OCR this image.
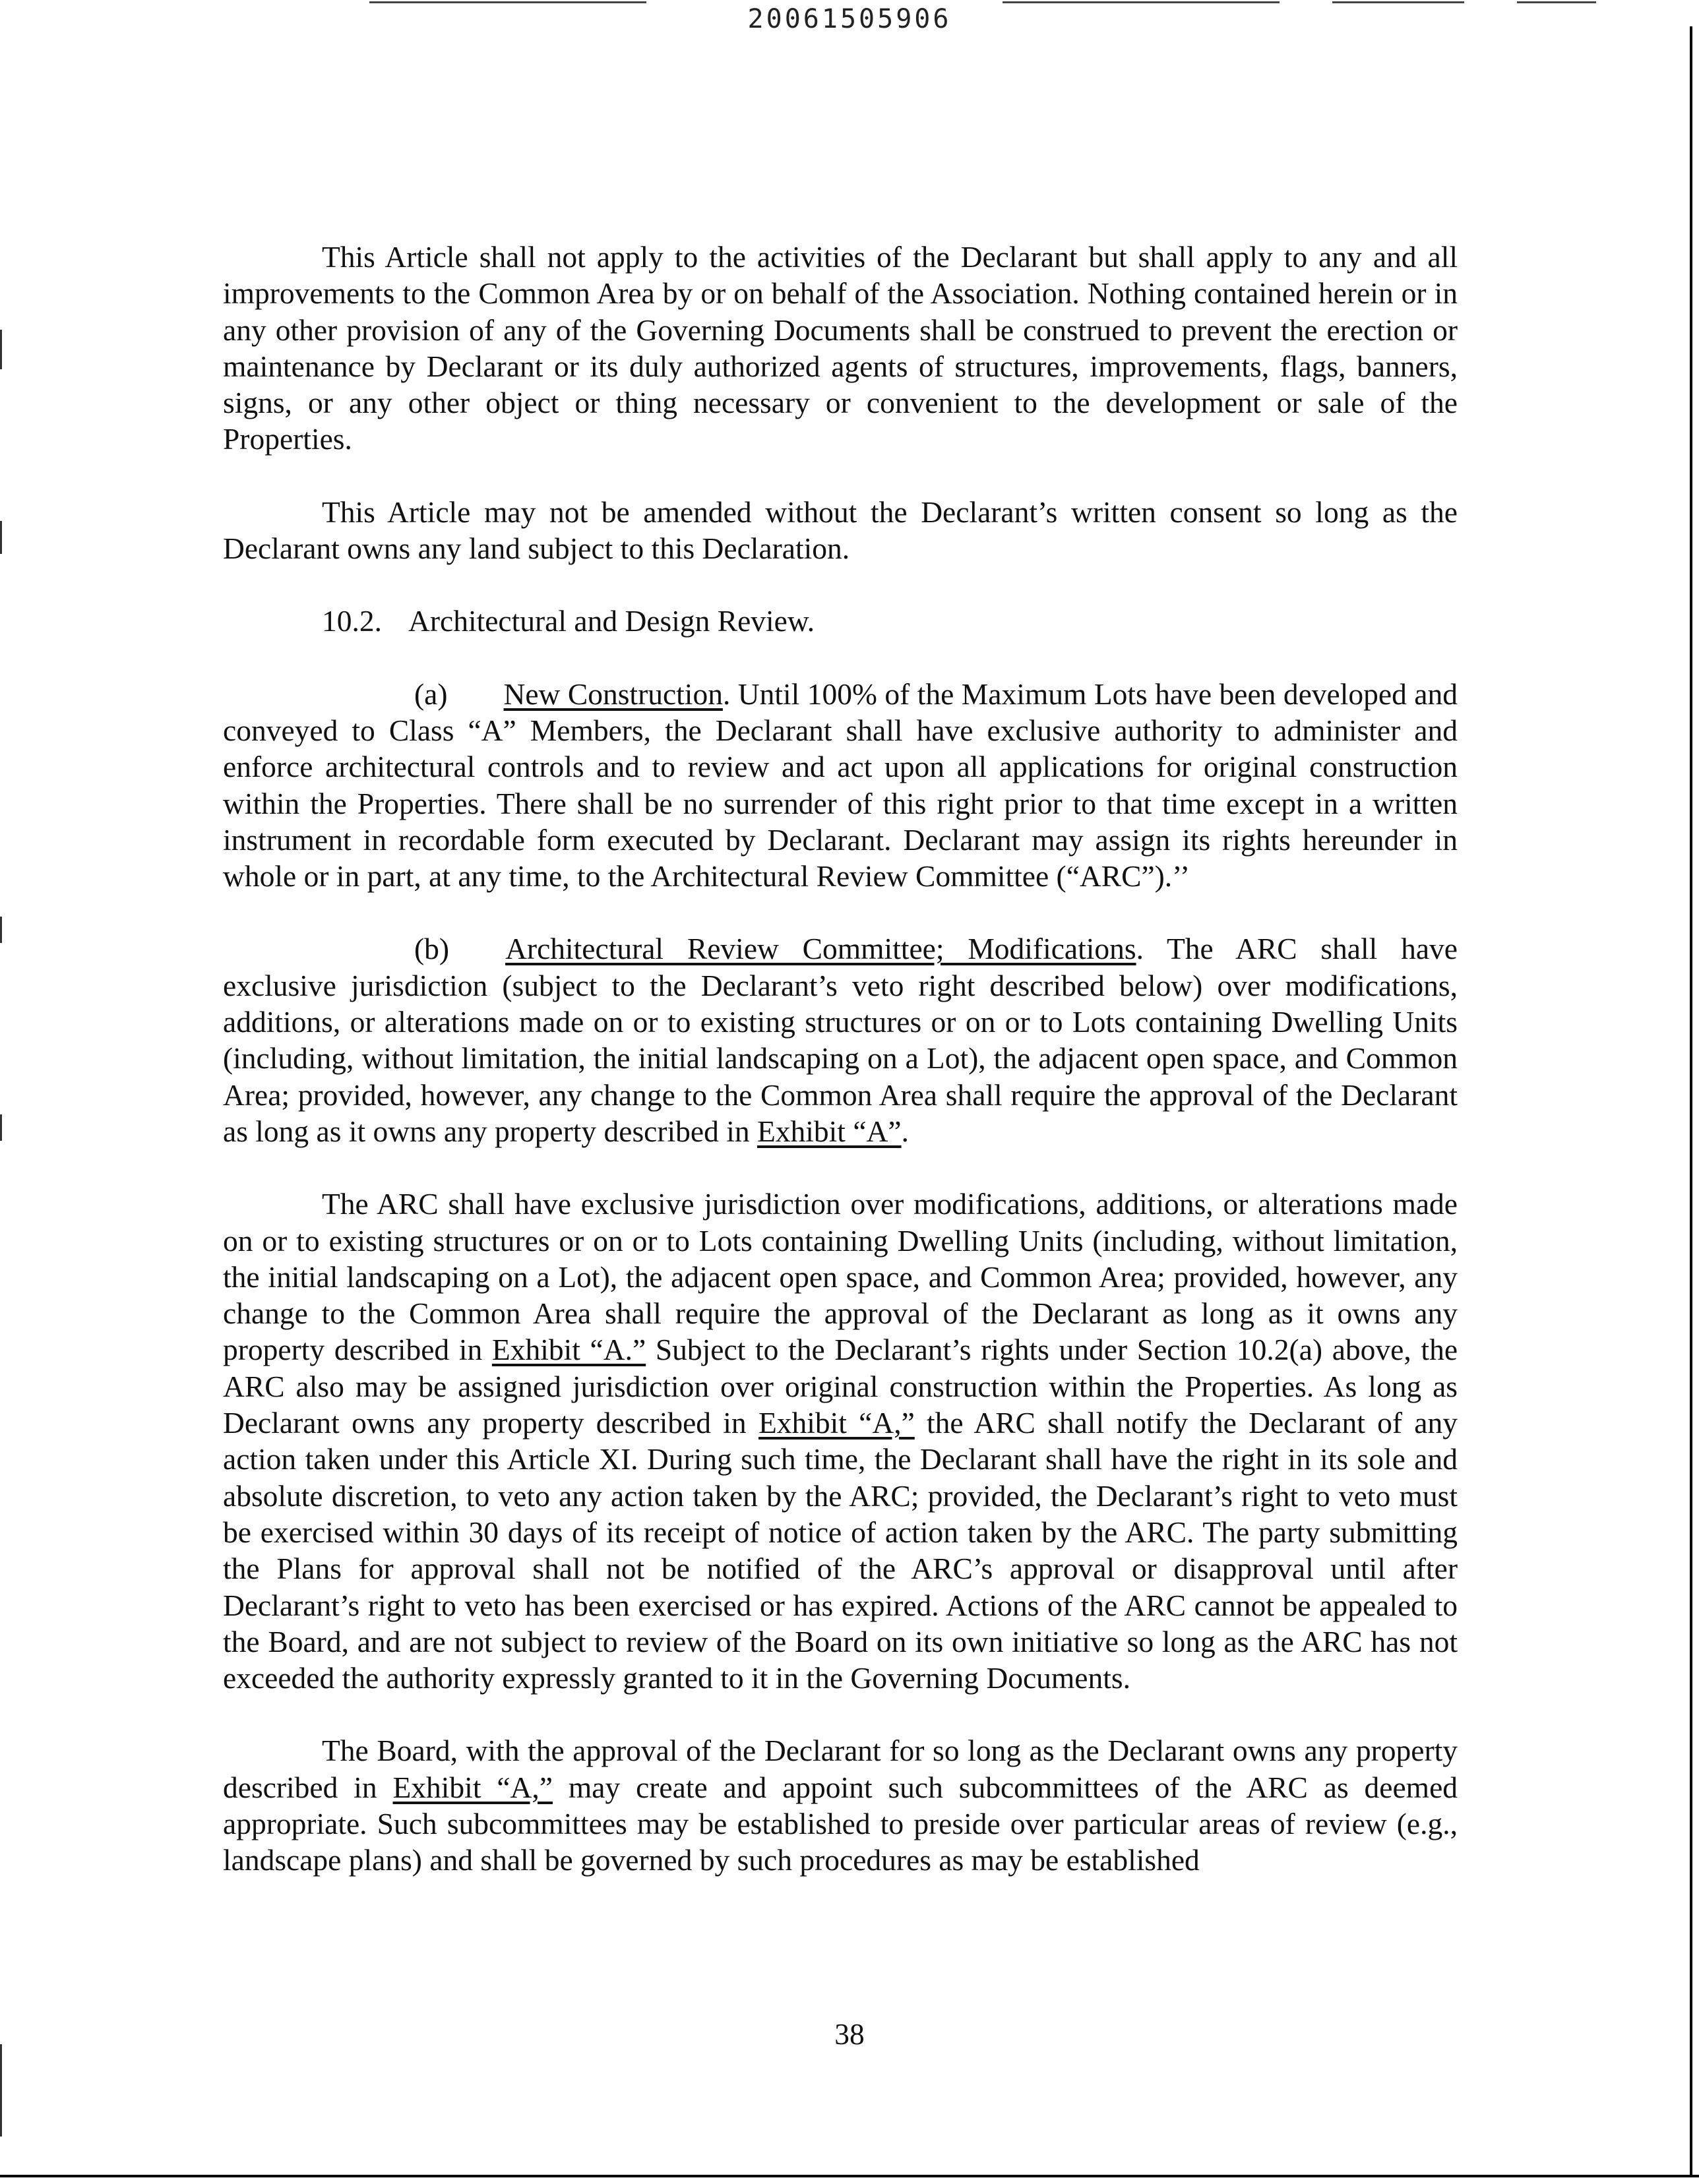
20061505906

This Article shall not apply to the activities of the Declarant but shall apply to any and all improvements to the Common Area by or on behalf of the Association. Nothing contained herein or in any other provision of any of the Governing Documents shall be construed to prevent the erection or maintenance by Declarant or its duly authorized agents of structures, improvements, flags, banners, signs, or any other object or thing necessary or convenient to the development or sale of the Properties.

This Article may not be amended without the Declarant’s written consent so long as the Declarant owns any land subject to this Declaration.

10.2. Architectural and Design Review.

(a) New Construction. Until 100% of the Maximum Lots have been developed and conveyed to Class “A” Members, the Declarant shall have exclusive authority to administer and enforce architectural controls and to review and act upon all applications for original construction within the Properties. There shall be no surrender of this right prior to that time except in a written instrument in recordable form executed by Declarant. Declarant may assign its rights hereunder in whole or in part, at any time, to the Architectural Review Committee (“ARC”).’’

(b) Architectural Review Committee; Modifications. The ARC shall have exclusive jurisdiction (subject to the Declarant’s veto right described below) over modifications, additions, or alterations made on or to existing structures or on or to Lots containing Dwelling Units (including, without limitation, the initial landscaping on a Lot), the adjacent open space, and Common Area; provided, however, any change to the Common Area shall require the approval of the Declarant as long as it owns any property described in Exhibit “A”.

The ARC shall have exclusive jurisdiction over modifications, additions, or alterations made on or to existing structures or on or to Lots containing Dwelling Units (including, without limitation, the initial landscaping on a Lot), the adjacent open space, and Common Area; provided, however, any change to the Common Area shall require the approval of the Declarant as long as it owns any property described in Exhibit “A.” Subject to the Declarant’s rights under Section 10.2(a) above, the ARC also may be assigned jurisdiction over original construction within the Properties. As long as Declarant owns any property described in Exhibit “A,” the ARC shall notify the Declarant of any action taken under this Article XI. During such time, the Declarant shall have the right in its sole and absolute discretion, to veto any action taken by the ARC; provided, the Declarant’s right to veto must be exercised within 30 days of its receipt of notice of action taken by the ARC. The party submitting the Plans for approval shall not be notified of the ARC’s approval or disapproval until after Declarant’s right to veto has been exercised or has expired. Actions of the ARC cannot be appealed to the Board, and are not subject to review of the Board on its own initiative so long as the ARC has not exceeded the authority expressly granted to it in the Governing Documents.

The Board, with the approval of the Declarant for so long as the Declarant owns any property described in Exhibit “A,” may create and appoint such subcommittees of the ARC as deemed appropriate. Such subcommittees may be established to preside over particular areas of review (e.g., landscape plans) and shall be governed by such procedures as may be established

38
